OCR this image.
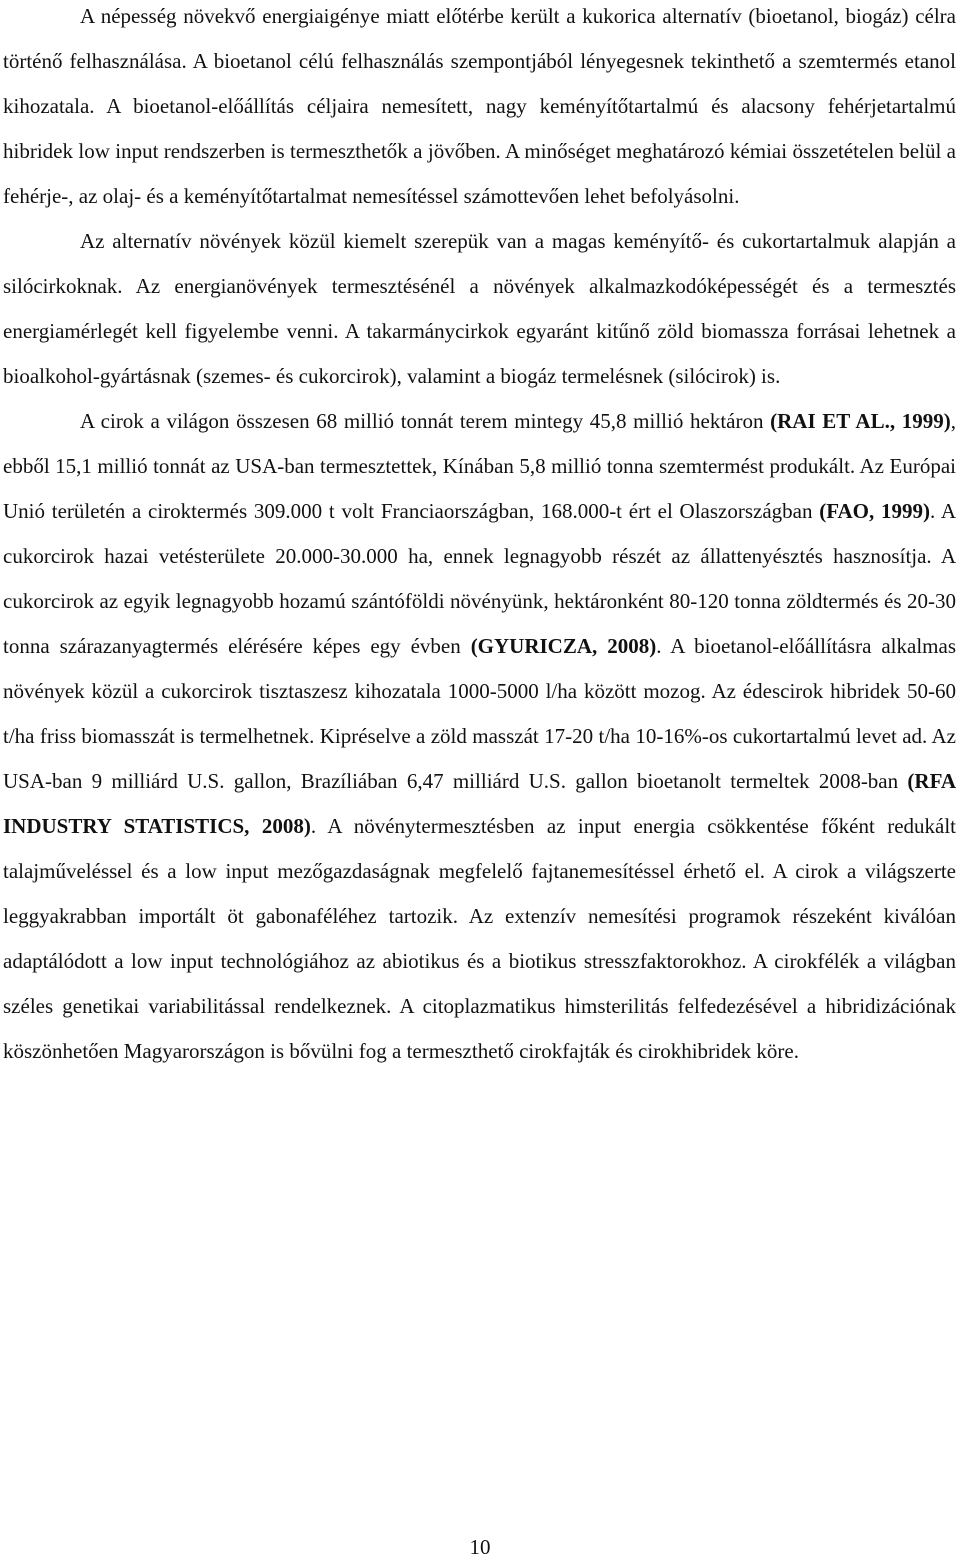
A népesség növekvő energiaigénye miatt előtérbe került a kukorica alternatív (bioetanol, biogáz) célra történő felhasználása. A bioetanol célú felhasználás szempontjából lényegesnek tekinthető a szemtermés etanol kihozatala. A bioetanol-előállítás céljaira nemesített, nagy keményítőtartalmú és alacsony fehérjetartalmú hibridek low input rendszerben is termeszthetők a jövőben. A minőséget meghatározó kémiai összetételen belül a fehérje-, az olaj- és a keményítőtartalmat nemesítéssel számottevően lehet befolyásolni.

Az alternatív növények közül kiemelt szerepük van a magas keményítő- és cukortartalmuk alapján a silócirkoknak. Az energianövények termesztésénél a növények alkalmazkodóképességét és a termesztés energiamérlegét kell figyelembe venni. A takarmánycirkok egyaránt kitűnő zöld biomassza forrásai lehetnek a bioalkohol-gyártásnak (szemes- és cukorcirok), valamint a biogáz termelésnek (silócirok) is.

A cirok a világon összesen 68 millió tonnát terem mintegy 45,8 millió hektáron (RAI ET AL., 1999), ebből 15,1 millió tonnát az USA-ban termesztettek, Kínában 5,8 millió tonna szemtermést produkált. Az Európai Unió területén a ciroktermés 309.000 t volt Franciaországban, 168.000-t ért el Olaszországban (FAO, 1999). A cukorcirok hazai vetésterülete 20.000-30.000 ha, ennek legnagyobb részét az állattenyésztés hasznosítja. A cukorcirok az egyik legnagyobb hozamú szántóföldi növényünk, hektáronként 80-120 tonna zöldtermés és 20-30 tonna szárazanyagtermés elérésére képes egy évben (GYURICZA, 2008). A bioetanol-előállításra alkalmas növények közül a cukorcirok tisztaszesz kihozatala 1000-5000 l/ha között mozog. Az édescirok hibridek 50-60 t/ha friss biomasszát is termelhetnek. Kipréselve a zöld masszát 17-20 t/ha 10-16%-os cukortartalmú levet ad. Az USA-ban 9 milliárd U.S. gallon, Brazíliában 6,47 milliárd U.S. gallon bioetanolt termeltek 2008-ban (RFA INDUSTRY STATISTICS, 2008). A növénytermesztésben az input energia csökkentése főként redukált talajműveléssel és a low input mezőgazdaságnak megfelelő fajtanemesítéssel érhető el. A cirok a világszerte leggyakrabban importált öt gabonaféléhez tartozik. Az extenzív nemesítési programok részeként kiválóan adaptálódott a low input technológiához az abiotikus és a biotikus stresszfaktorokhoz. A cirokfélék a világban széles genetikai variabilitással rendelkeznek. A citoplazmatikus himsterilitás felfedezésével a hibridizációnak köszönhetően Magyarországon is bővülni fog a termeszthető cirokfajták és cirokhibridek köre.

10
